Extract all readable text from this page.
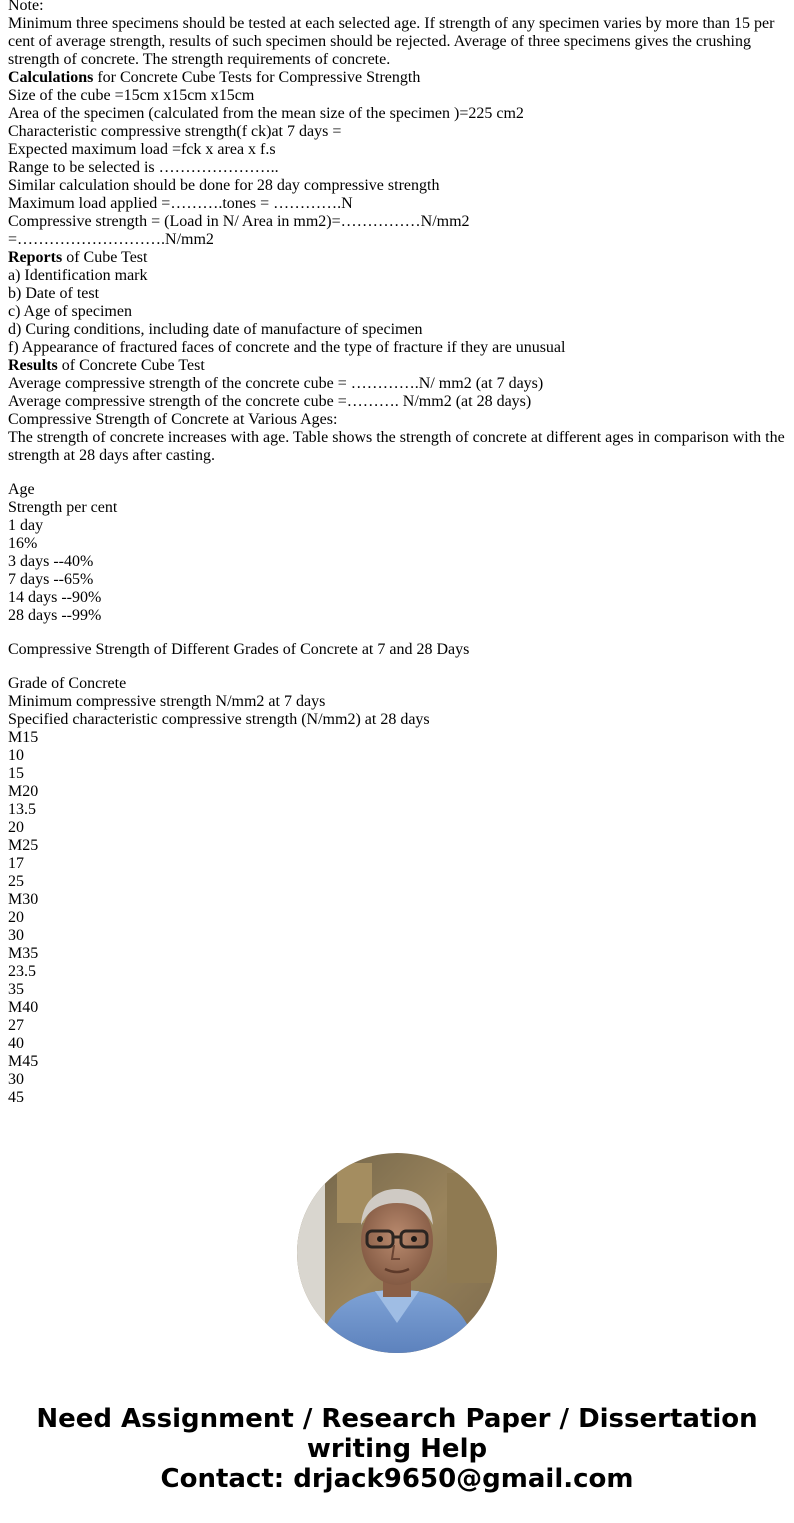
Note:
Minimum three specimens should be tested at each selected age. If strength of any specimen varies by more than 15 per cent of average strength, results of such specimen should be rejected. Average of three specimens gives the crushing strength of concrete. The strength requirements of concrete.
Calculations for Concrete Cube Tests for Compressive Strength
Size of the cube =15cm x15cm x15cm
Area of the specimen (calculated from the mean size of the specimen )=225 cm2
Characteristic compressive strength(f ck)at 7 days =
Expected maximum load =fck x area x f.s
Range to be selected is …………………..
Similar calculation should be done for 28 day compressive strength
Maximum load applied =……….tones = ………….N
Compressive strength = (Load in N/ Area in mm2)=……………N/mm2
=……………………….N/mm2
Reports of Cube Test
a) Identification mark
b) Date of test
c) Age of specimen
d) Curing conditions, including date of manufacture of specimen
f) Appearance of fractured faces of concrete and the type of fracture if they are unusual
Results of Concrete Cube Test
Average compressive strength of the concrete cube = ………….N/ mm2 (at 7 days)
Average compressive strength of the concrete cube =………. N/mm2 (at 28 days)
Compressive Strength of Concrete at Various Ages:
The strength of concrete increases with age. Table shows the strength of concrete at different ages in comparison with the strength at 28 days after casting.
Age
Strength per cent
1 day
16%
3 days --40%
7 days --65%
14 days --90%
28 days --99%
Compressive Strength of Different Grades of Concrete at 7 and 28 Days
Grade of Concrete
Minimum compressive strength N/mm2 at 7 days
Specified characteristic compressive strength (N/mm2) at 28 days
M15
10
15
M20
13.5
20
M25
17
25
M30
20
30
M35
23.5
35
M40
27
40
M45
30
45
Need Assignment / Research Paper / Dissertation
writing Help
Contact: drjack9650@gmail.com
